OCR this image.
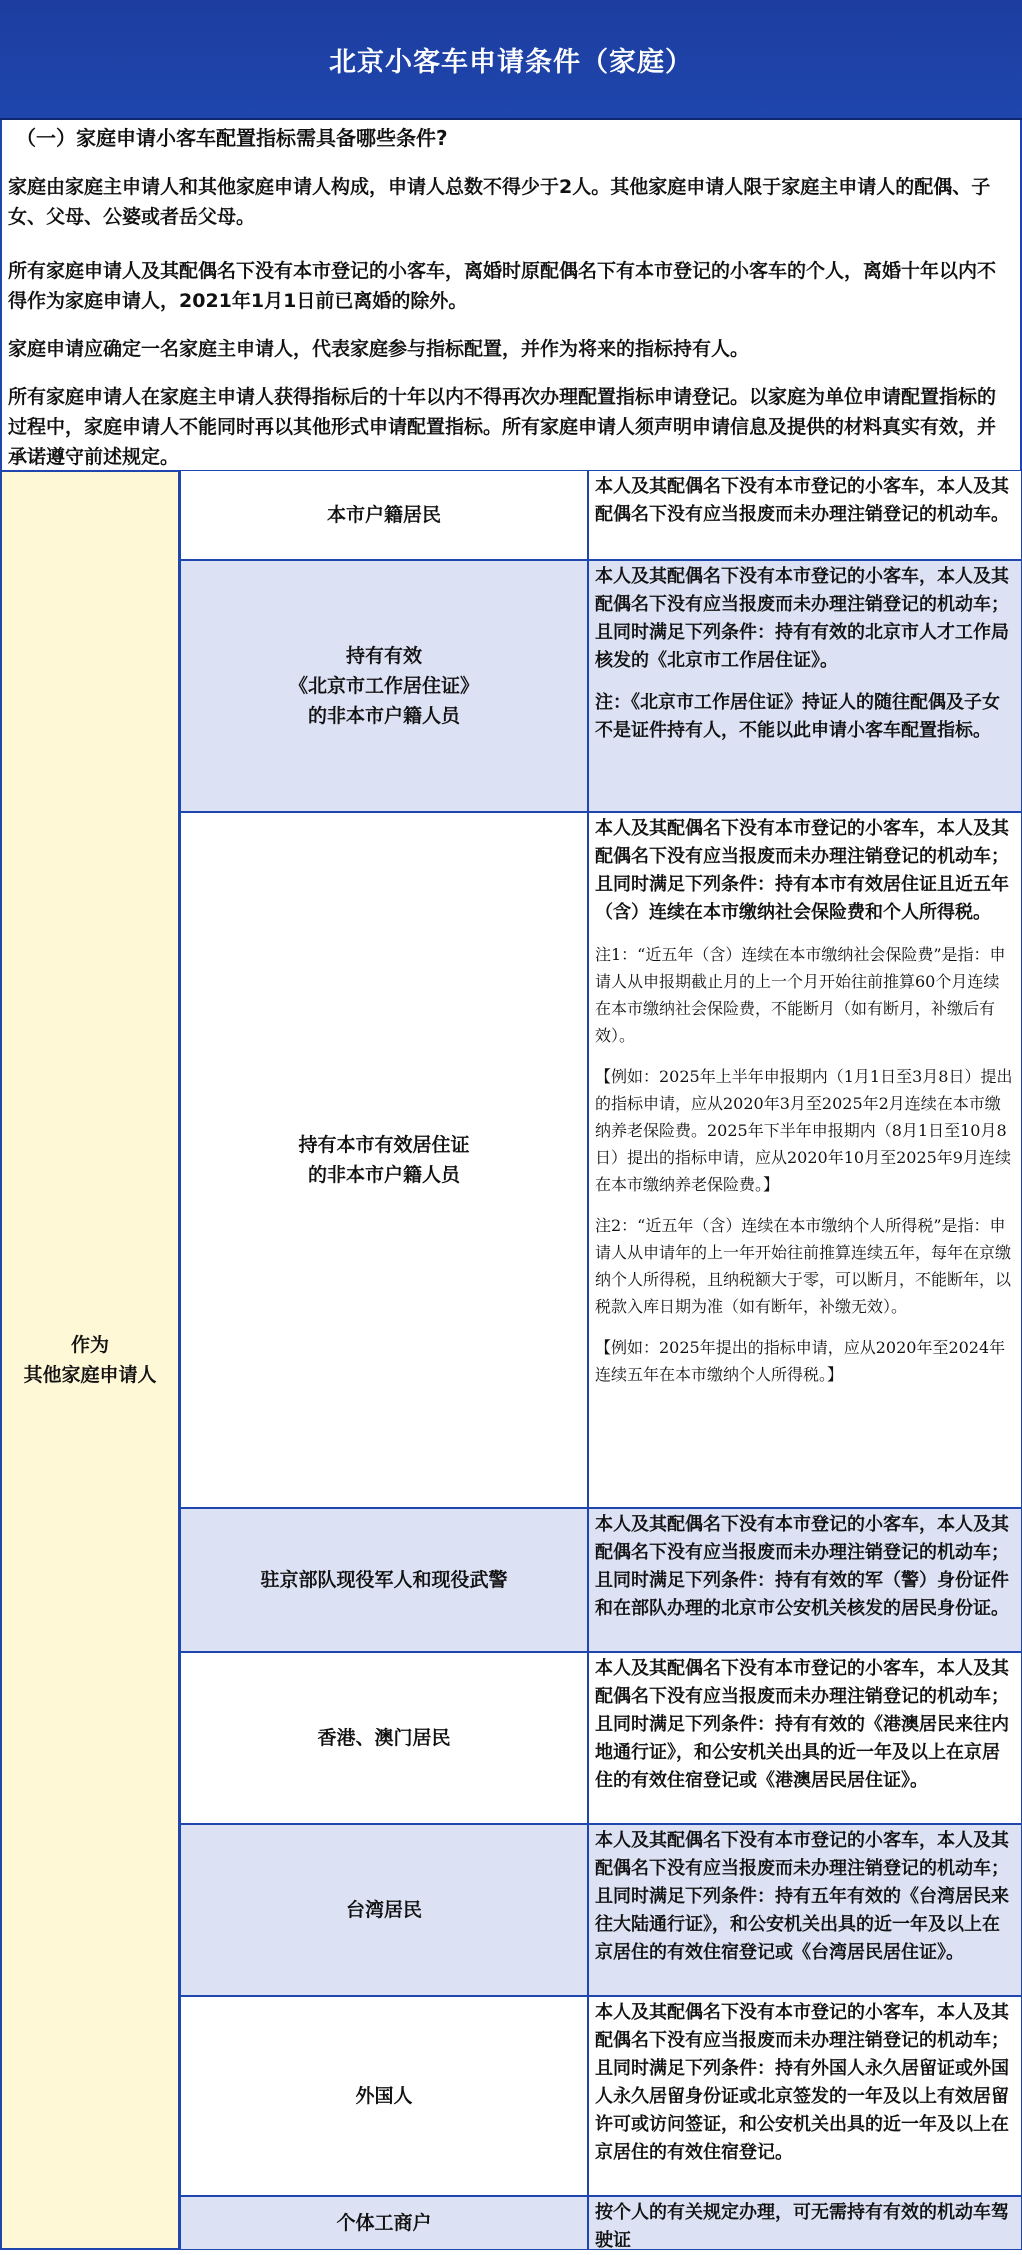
北京小客车申请条件（家庭）
（一）家庭申请小客车配置指标需具备哪些条件?

家庭由家庭主申请人和其他家庭申请人构成，申请人总数不得少于2人。其他家庭申请人限于家庭主申请人的配偶、子女、父母、公婆或者岳父母。

所有家庭申请人及其配偶名下没有本市登记的小客车，离婚时原配偶名下有本市登记的小客车的个人，离婚十年以内不得作为家庭申请人，2021年1月1日前已离婚的除外。

家庭申请应确定一名家庭主申请人，代表家庭参与指标配置，并作为将来的指标持有人。

所有家庭申请人在家庭主申请人获得指标后的十年以内不得再次办理配置指标申请登记。以家庭为单位申请配置指标的过程中，家庭申请人不能同时再以其他形式申请配置指标。所有家庭申请人须声明申请信息及提供的材料真实有效，并承诺遵守前述规定。

作为
其他家庭申请人
本市户籍居民

本人及其配偶名下没有本市登记的小客车，本人及其配偶名下没有应当报废而未办理注销登记的机动车。

持有有效
《北京市工作居住证》
的非本市户籍人员

本人及其配偶名下没有本市登记的小客车，本人及其配偶名下没有应当报废而未办理注销登记的机动车；且同时满足下列条件：持有有效的北京市人才工作局核发的《北京市工作居住证》。

注：《北京市工作居住证》持证人的随往配偶及子女不是证件持有人，不能以此申请小客车配置指标。

持有本市有效居住证
的非本市户籍人员

本人及其配偶名下没有本市登记的小客车，本人及其配偶名下没有应当报废而未办理注销登记的机动车；且同时满足下列条件：持有本市有效居住证且近五年（含）连续在本市缴纳社会保险费和个人所得税。

注1：“近五年（含）连续在本市缴纳社会保险费”是指：申请人从申报期截止月的上一个月开始往前推算60个月连续在本市缴纳社会保险费，不能断月（如有断月，补缴后有效）。

【例如：2025年上半年申报期内（1月1日至3月8日）提出的指标申请，应从2020年3月至2025年2月连续在本市缴纳养老保险费。2025年下半年申报期内（8月1日至10月8日）提出的指标申请，应从2020年10月至2025年9月连续在本市缴纳养老保险费。】

注2：“近五年（含）连续在本市缴纳个人所得税”是指：申请人从申请年的上一年开始往前推算连续五年，每年在京缴纳个人所得税，且纳税额大于零，可以断月，不能断年，以税款入库日期为准（如有断年，补缴无效）。

【例如：2025年提出的指标申请，应从2020年至2024年连续五年在本市缴纳个人所得税。】

驻京部队现役军人和现役武警

本人及其配偶名下没有本市登记的小客车，本人及其配偶名下没有应当报废而未办理注销登记的机动车；且同时满足下列条件：持有有效的军（警）身份证件和在部队办理的北京市公安机关核发的居民身份证。

香港、澳门居民

本人及其配偶名下没有本市登记的小客车，本人及其配偶名下没有应当报废而未办理注销登记的机动车；且同时满足下列条件：持有有效的《港澳居民来往内地通行证》，和公安机关出具的近一年及以上在京居住的有效住宿登记或《港澳居民居住证》。

台湾居民

本人及其配偶名下没有本市登记的小客车，本人及其配偶名下没有应当报废而未办理注销登记的机动车；且同时满足下列条件：持有五年有效的《台湾居民来往大陆通行证》，和公安机关出具的近一年及以上在京居住的有效住宿登记或《台湾居民居住证》。

外国人

本人及其配偶名下没有本市登记的小客车，本人及其配偶名下没有应当报废而未办理注销登记的机动车；且同时满足下列条件：持有外国人永久居留证或外国人永久居留身份证或北京签发的一年及以上有效居留许可或访问签证，和公安机关出具的近一年及以上在京居住的有效住宿登记。

个体工商户	按个人的有关规定办理，可无需持有有效的机动车驾驶证
